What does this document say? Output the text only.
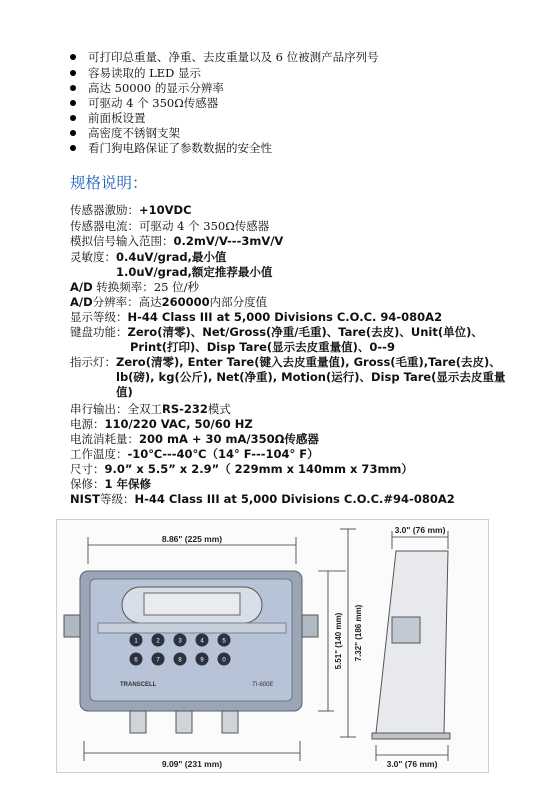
可打印总重量、净重、去皮重量以及 6 位被测产品序列号
容易读取的 LED 显示
高达 50000 的显示分辨率
可驱动 4 个 350Ω传感器
前面板设置
高密度不锈钢支架
看门狗电路保证了参数数据的安全性
规格说明：
传感器激励：+10VDC
传感器电流：可驱动 4 个 350Ω传感器
模拟信号输入范围：0.2mV/V---3mV/V
灵敏度：0.4uV/grad,最小值
1.0uV/grad,额定推荐最小值
A/D 转换频率：25 位/秒
A/D分辨率：高达260000内部分度值
显示等级：H-44 Class III at 5,000 Divisions C.O.C. 94-080A2
键盘功能：Zero(清零)、Net/Gross(净重/毛重)、Tare(去皮)、Unit(单位)、
Print(打印)、Disp Tare(显示去皮重量值)、0--9
指示灯：Zero(清零), Enter Tare(键入去皮重量值), Gross(毛重),Tare(去皮)、
lb(磅), kg(公斤), Net(净重), Motion(运行)、Disp Tare(显示去皮重量
值)
串行输出：全双工RS-232模式
电源：110/220 VAC, 50/60 HZ
电流消耗量：200 mA + 30 mA/350Ω传感器
工作温度：-10℃---40℃（14° F---104° F）
尺寸：9.0” x 5.5” x 2.9”（ 229mm x 140mm x 73mm）
保修：1 年保修
NIST等级：H-44 Class III at 5,000 Divisions C.O.C.#94-080A2
8.86" (225 mm)
TRANSCELL	TI-600E
1	2	3	4	5
6	7	8	9	0	5.51" (140 mm) 7.32" (186 mm)
3.0" (76 mm)
3.0" (76 mm)
9.09" (231 mm)
